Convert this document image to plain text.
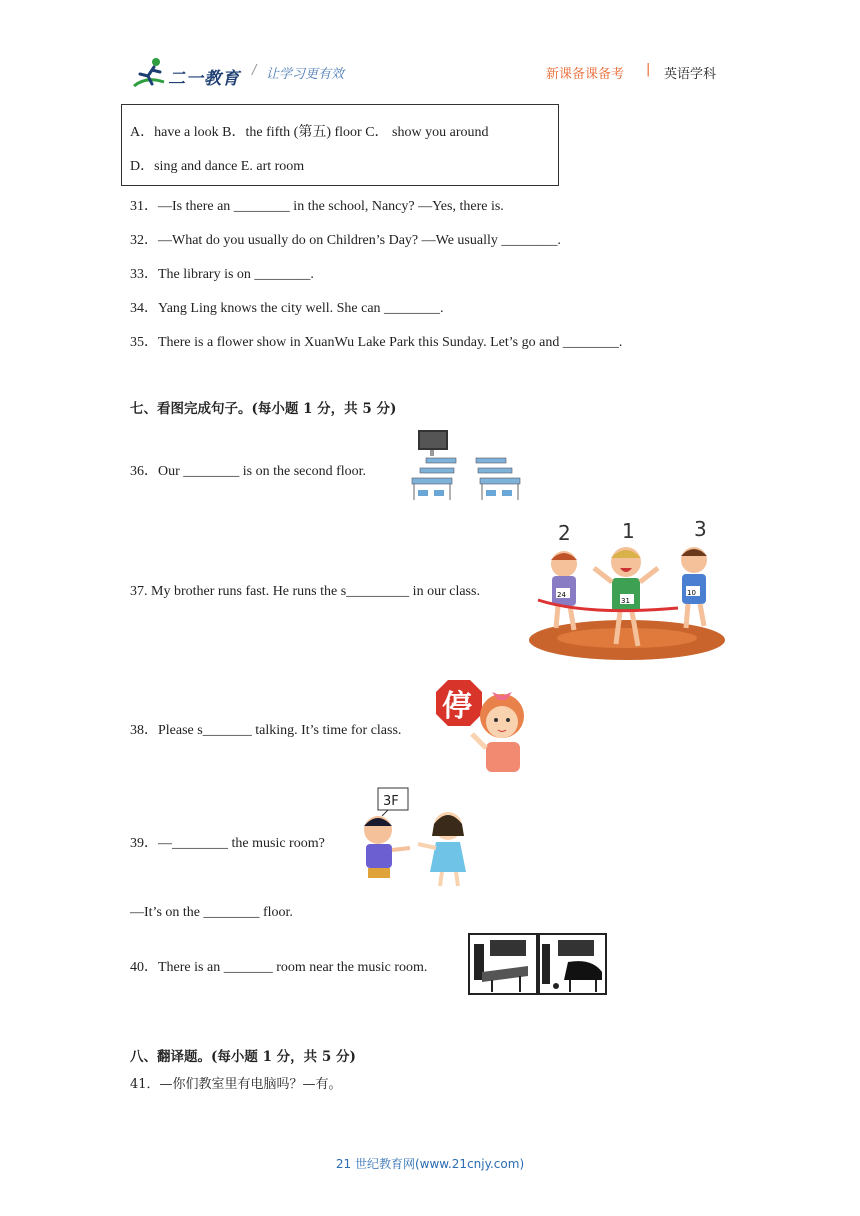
二一教育 / 让学习更有效	新课备课备考 | 英语学科
A．have a look B．the fifth (第五) floor C． show you around
D．sing and dance E. art room
31．—Is there an ________ in the school, Nancy? —Yes, there is.
32．—What do you usually do on Children’s Day? —We usually ________.
33．The library is on ________.
34．Yang Ling knows the city well. She can ________.
35．There is a flower show in XuanWu Lake Park this Sunday. Let’s go and ________.
七、看图完成句子。(每小题 1 分，共 5 分)
36．Our ________ is on the second floor.
37. My brother runs fast. He runs the s_________ in our class.
2	1	3
24
31
10
38．Please s_______ talking. It’s time for class.
停
39．—________ the music room?
3F
—It’s on the ________ floor.
40．There is an _______ room near the music room.
八、翻译题。(每小题 1 分，共 5 分)
41．—你们教室里有电脑吗？—有。
21 世纪教育网(www.21cnjy.com)
